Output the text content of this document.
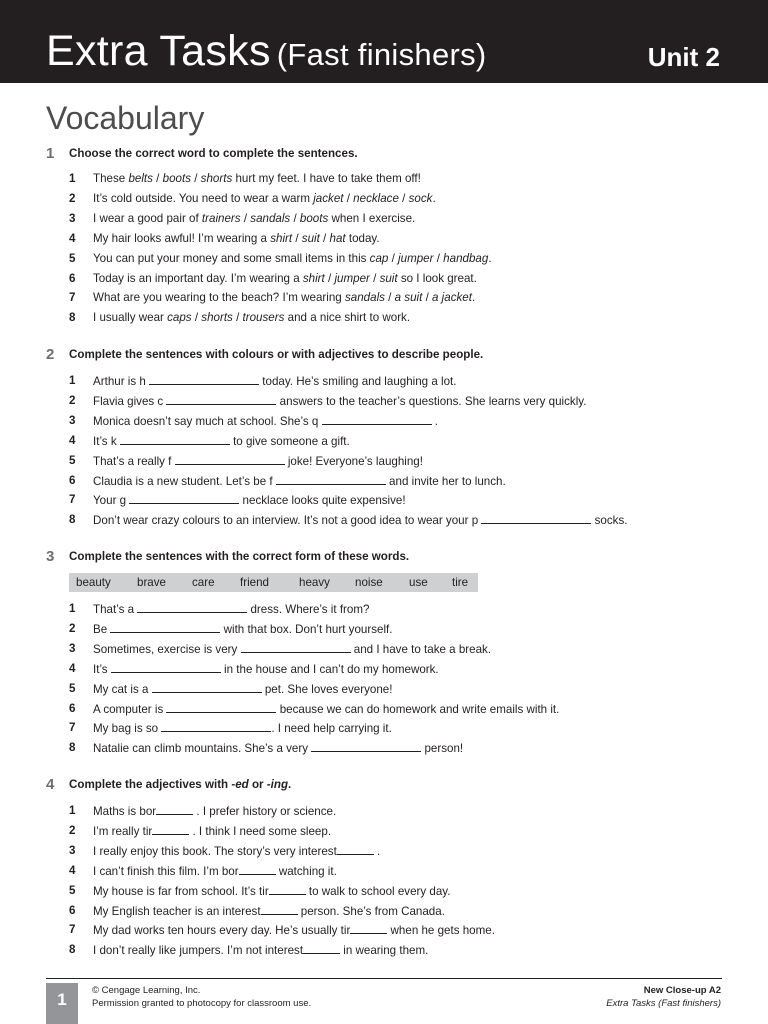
Extra Tasks (Fast finishers)	Unit 2
Vocabulary
1 Choose the correct word to complete the sentences.
1 These belts / boots / shorts hurt my feet. I have to take them off!
2 It’s cold outside. You need to wear a warm jacket / necklace / sock.
3 I wear a good pair of trainers / sandals / boots when I exercise.
4 My hair looks awful! I’m wearing a shirt / suit / hat today.
5 You can put your money and some small items in this cap / jumper / handbag.
6 Today is an important day. I’m wearing a shirt / jumper / suit so I look great.
7 What are you wearing to the beach? I’m wearing sandals / a suit / a jacket.
8 I usually wear caps / shorts / trousers and a nice shirt to work.
2 Complete the sentences with colours or with adjectives to describe people.
1 Arthur is h	today. He’s smiling and laughing a lot.
2 Flavia gives c	answers to the teacher’s questions. She learns very quickly.
3 Monica doesn’t say much at school. She’s q	.
4 It’s k	to give someone a gift.
5 That’s a really f	joke! Everyone’s laughing!
6 Claudia is a new student. Let’s be f	and invite her to lunch.
7 Your g	necklace looks quite expensive!
8 Don’t wear crazy colours to an interview. It’s not a good idea to wear your p	socks.
3 Complete the sentences with the correct form of these words.
beauty brave care friend	heavy noise use tire
1 That’s a	dress. Where’s it from?
2 Be	with that box. Don’t hurt yourself.
3 Sometimes, exercise is very	and I have to take a break.
4 It’s	in the house and I can’t do my homework.
5 My cat is a	pet. She loves everyone!
6 A computer is	because we can do homework and write emails with it.
7 My bag is so	. I need help carrying it.
8 Natalie can climb mountains. She’s a very	person!
4 Complete the adjectives with -ed or -ing.
1 Maths is bor	. I prefer history or science.
2 I’m really tir	. I think I need some sleep.
3 I really enjoy this book. The story’s very interest	.
4 I can’t finish this film. I’m bor	watching it.
5 My house is far from school. It’s tir	to walk to school every day.
6 My English teacher is an interest	person. She’s from Canada.
7 My dad works ten hours every day. He’s usually tir	when he gets home.
8 I don’t really like jumpers. I’m not interest	in wearing them.
1	© Cengage Learning, Inc.
Permission granted to photocopy for classroom use.
New Close-up A2
Extra Tasks (Fast finishers)
